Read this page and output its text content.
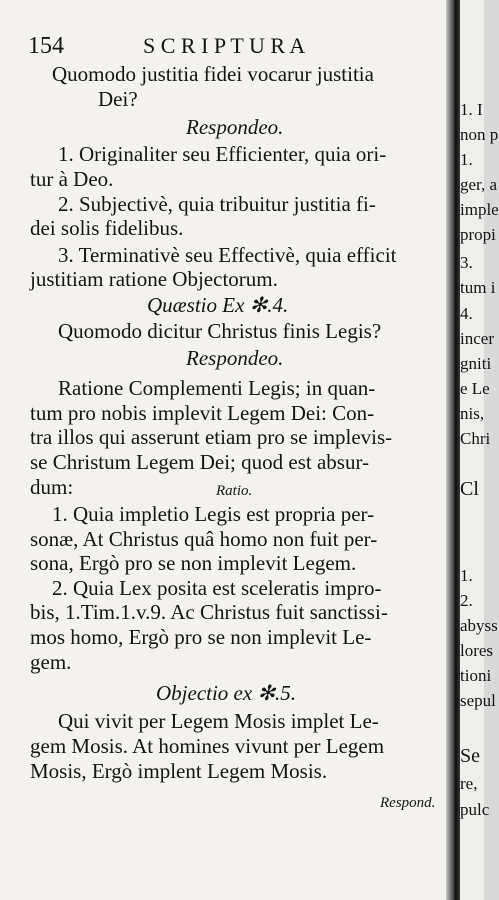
154	S C R I P T U R A
Quomodo justitia fidei vocarur justitia
Dei?
Respondeo.
1. Originaliter seu Efficienter, quia ori-
tur à Deo.
2. Subjectivè, quia tribuitur justitia fi-
dei solis fidelibus.
3. Terminativè seu Effectivè, quia efficit
justitiam ratione Objectorum.
Quæstio Ex ✻.4.
Quomodo dicitur Christus finis Legis?
Respondeo.
Ratione Complementi Legis; in quan-
tum pro nobis implevit Legem Dei: Con-
tra illos qui asserunt etiam pro se implevis-
se Christum Legem Dei; quod est absur-
dum:	Ratio.
1. Quia impletio Legis est propria per-
sonæ, At Christus quâ homo non fuit per-
sona, Ergò pro se non implevit Legem.
2. Quia Lex posita est sceleratis impro-
bis, 1.Tim.1.v.9. Ac Christus fuit sanctissi-
mos homo, Ergò pro se non implevit Le-
gem.
Objectio ex ✻.5.
Qui vivit per Legem Mosis implet Le-
gem Mosis. At homines vivunt per Legem
Mosis, Ergò implent Legem Mosis.
Respond.
1. I
non p
1.
ger, a
imple
propi
3.
tum i
4.
incer
gniti
e Le
nis,
Chri
Cl
1.
2.
abyss
lores
tioni
sepul
Se
re,
pulc
